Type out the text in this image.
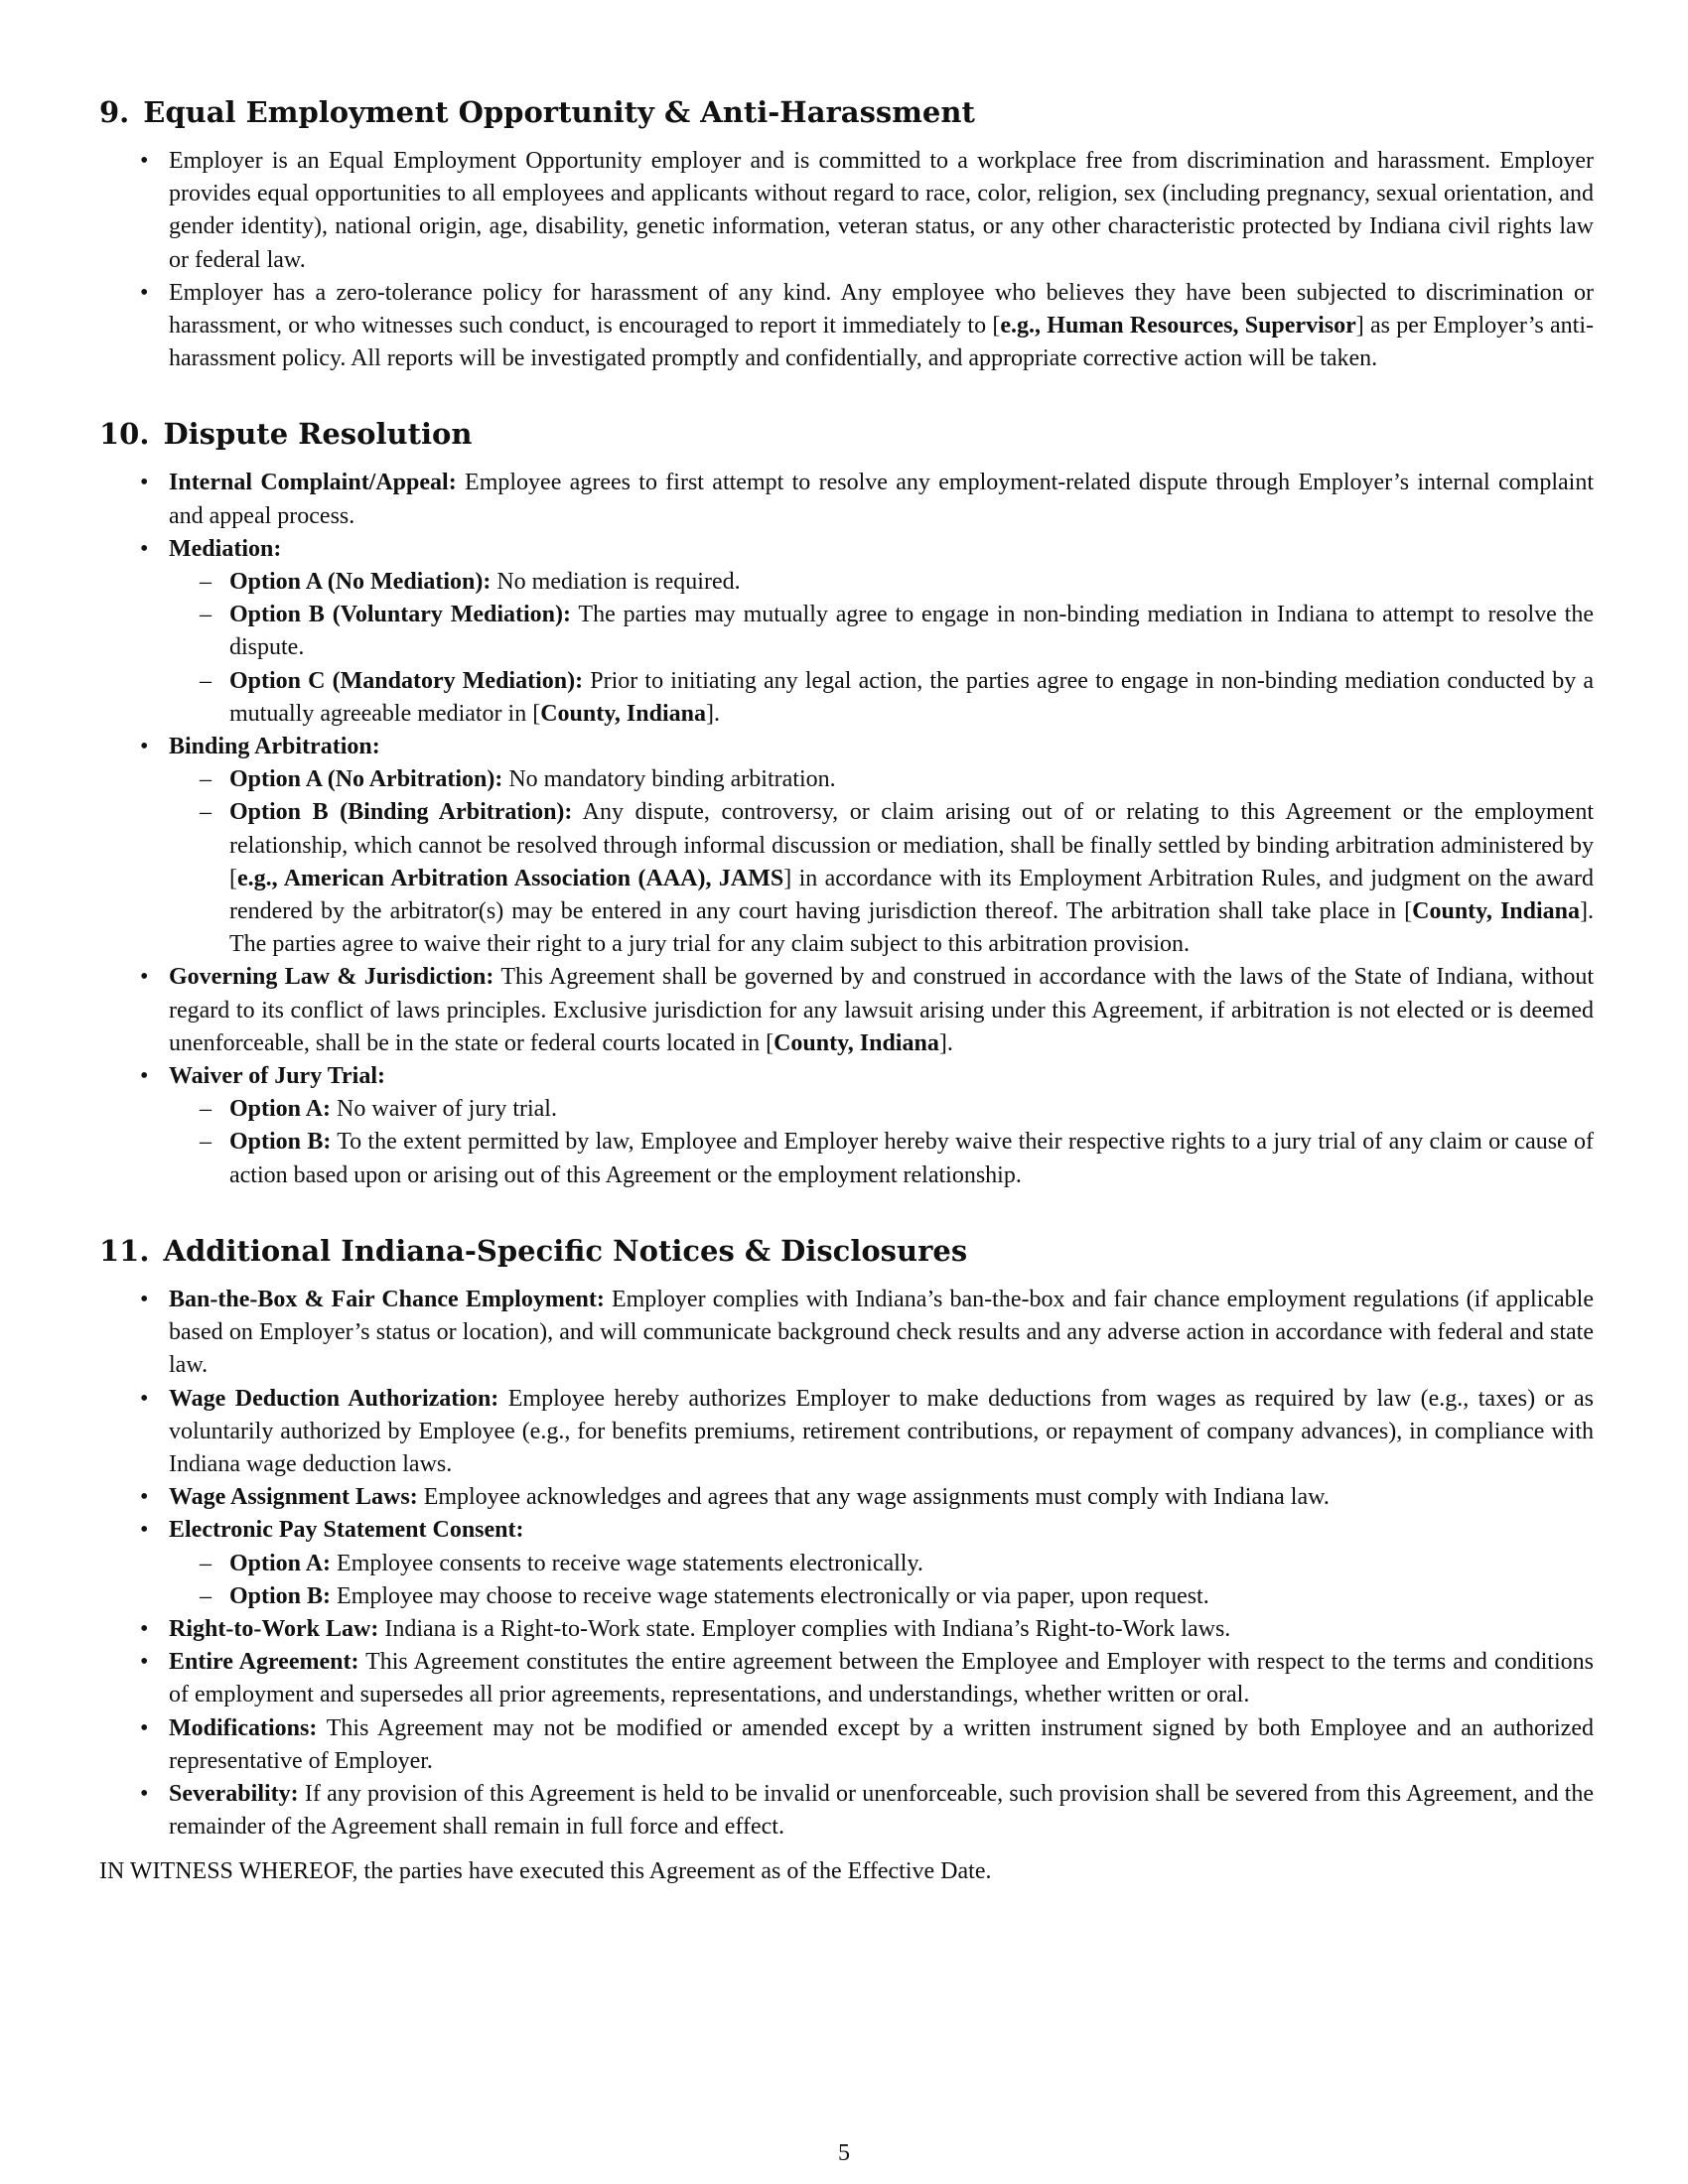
9. Equal Employment Opportunity & Anti-Harassment
• Employer is an Equal Employment Opportunity employer and is committed to a workplace free from discrimination and harassment. Employer provides equal opportunities to all employees and applicants without regard to race, color, religion, sex (including pregnancy, sexual orientation, and gender identity), national origin, age, disability, genetic information, veteran status, or any other characteristic protected by Indiana civil rights law or federal law.
• Employer has a zero-tolerance policy for harassment of any kind. Any employee who believes they have been subjected to discrimination or harassment, or who witnesses such conduct, is encouraged to report it immediately to [e.g., Human Resources, Supervisor] as per Employer’s anti-harassment policy. All reports will be investigated promptly and confidentially, and appropriate corrective action will be taken.
10. Dispute Resolution
• Internal Complaint/Appeal: Employee agrees to first attempt to resolve any employment-related dispute through Employer’s internal complaint and appeal process.
• Mediation:
– Option A (No Mediation): No mediation is required.
– Option B (Voluntary Mediation): The parties may mutually agree to engage in non-binding mediation in Indiana to attempt to resolve the dispute.
– Option C (Mandatory Mediation): Prior to initiating any legal action, the parties agree to engage in non-binding mediation conducted by a mutually agreeable mediator in [County, Indiana].
• Binding Arbitration:
– Option A (No Arbitration): No mandatory binding arbitration.
– Option B (Binding Arbitration): Any dispute, controversy, or claim arising out of or relating to this Agreement or the employment relationship, which cannot be resolved through informal discussion or mediation, shall be finally settled by binding arbitration administered by [e.g., American Arbitration Association (AAA), JAMS] in accordance with its Employment Arbitration Rules, and judgment on the award rendered by the arbitrator(s) may be entered in any court having jurisdiction thereof. The arbitration shall take place in [County, Indiana]. The parties agree to waive their right to a jury trial for any claim subject to this arbitration provision.
• Governing Law & Jurisdiction: This Agreement shall be governed by and construed in accordance with the laws of the State of Indiana, without regard to its conflict of laws principles. Exclusive jurisdiction for any lawsuit arising under this Agreement, if arbitration is not elected or is deemed unenforceable, shall be in the state or federal courts located in [County, Indiana].
• Waiver of Jury Trial:
– Option A: No waiver of jury trial.
– Option B: To the extent permitted by law, Employee and Employer hereby waive their respective rights to a jury trial of any claim or cause of action based upon or arising out of this Agreement or the employment relationship.
11. Additional Indiana-Specific Notices & Disclosures
• Ban-the-Box & Fair Chance Employment: Employer complies with Indiana’s ban-the-box and fair chance employment regulations (if applicable based on Employer’s status or location), and will communicate background check results and any adverse action in accordance with federal and state law.
• Wage Deduction Authorization: Employee hereby authorizes Employer to make deductions from wages as required by law (e.g., taxes) or as voluntarily authorized by Employee (e.g., for benefits premiums, retirement contributions, or repayment of company advances), in compliance with Indiana wage deduction laws.
• Wage Assignment Laws: Employee acknowledges and agrees that any wage assignments must comply with Indiana law.
• Electronic Pay Statement Consent:
– Option A: Employee consents to receive wage statements electronically.
– Option B: Employee may choose to receive wage statements electronically or via paper, upon request.
• Right-to-Work Law: Indiana is a Right-to-Work state. Employer complies with Indiana’s Right-to-Work laws.
• Entire Agreement: This Agreement constitutes the entire agreement between the Employee and Employer with respect to the terms and conditions of employment and supersedes all prior agreements, representations, and understandings, whether written or oral.
• Modifications: This Agreement may not be modified or amended except by a written instrument signed by both Employee and an authorized representative of Employer.
• Severability: If any provision of this Agreement is held to be invalid or unenforceable, such provision shall be severed from this Agreement, and the remainder of the Agreement shall remain in full force and effect.

IN WITNESS WHEREOF, the parties have executed this Agreement as of the Effective Date.

5
